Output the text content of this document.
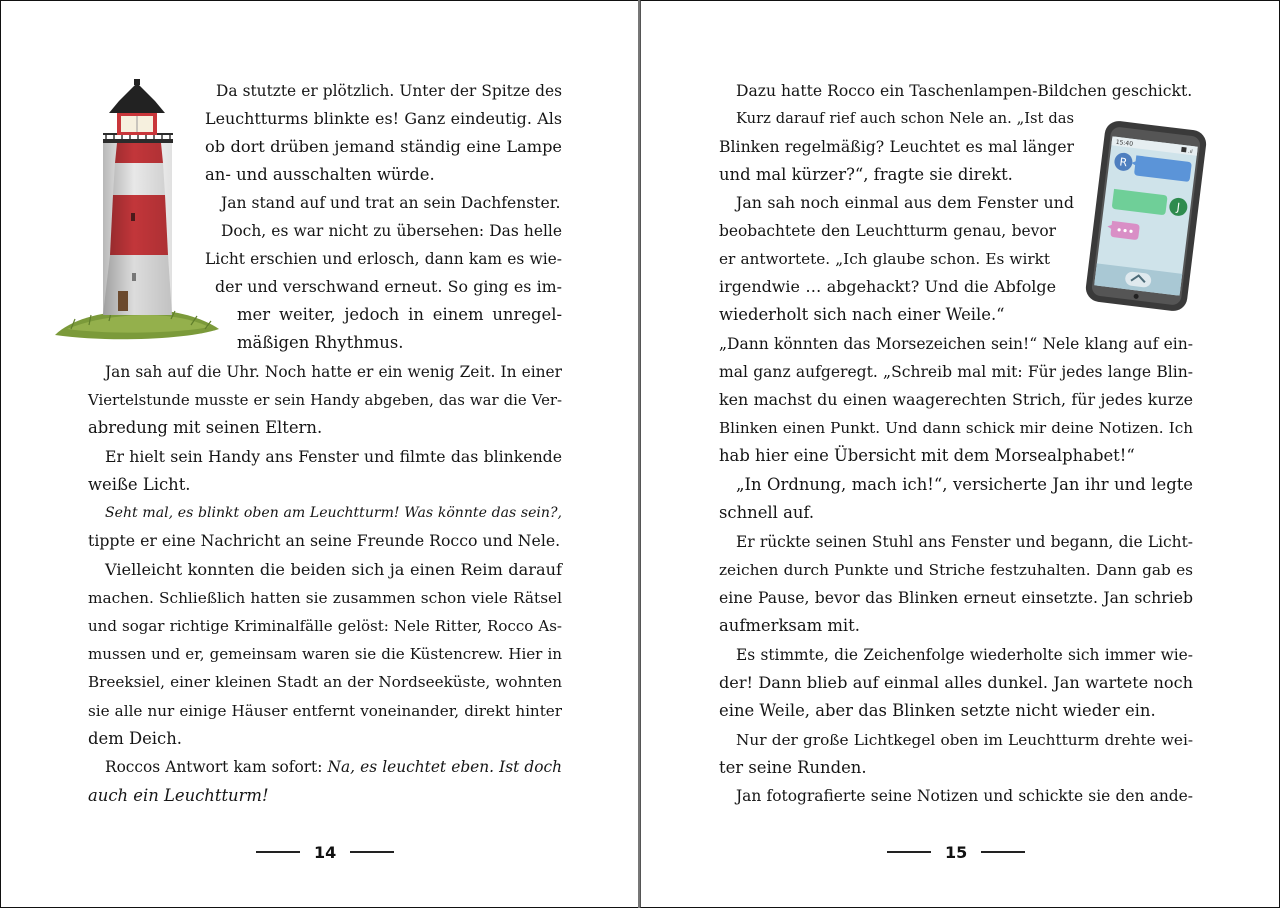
Da stutzte er plötzlich. Unter der Spitze des
Leuchtturms blinkte es! Ganz eindeutig. Als
ob dort drüben jemand ständig eine Lampe
an- und ausschalten würde.
Jan stand auf und trat an sein Dachfenster.
Doch, es war nicht zu übersehen: Das helle
Licht erschien und erlosch, dann kam es wie-
der und verschwand erneut. So ging es im-
mer weiter, jedoch in einem unregel-
mäßigen Rhythmus.
Jan sah auf die Uhr. Noch hatte er ein wenig Zeit. In einer
Viertelstunde musste er sein Handy abgeben, das war die Ver-
abredung mit seinen Eltern.
Er hielt sein Handy ans Fenster und filmte das blinkende
weiße Licht.
Seht mal, es blinkt oben am Leuchtturm! Was könnte das sein?,
tippte er eine Nachricht an seine Freunde Rocco und Nele.
Vielleicht konnten die beiden sich ja einen Reim darauf
machen. Schließlich hatten sie zusammen schon viele Rätsel
und sogar richtige Kriminalfälle gelöst: Nele Ritter, Rocco As-
mussen und er, gemeinsam waren sie die Küstencrew. Hier in
Breeksiel, einer kleinen Stadt an der Nordseeküste, wohnten
sie alle nur einige Häuser entfernt voneinander, direkt hinter
dem Deich.
Roccos Antwort kam sofort: Na, es leuchtet eben. Ist doch
auch ein Leuchtturm!
14
15:40
.ıl
R
J
Dazu hatte Rocco ein Taschenlampen-Bildchen geschickt.
Kurz darauf rief auch schon Nele an. „Ist das
Blinken regelmäßig? Leuchtet es mal länger
und mal kürzer?“, fragte sie direkt.
Jan sah noch einmal aus dem Fenster und
beobachtete den Leuchtturm genau, bevor
er antwortete. „Ich glaube schon. Es wirkt
irgendwie … abgehackt? Und die Abfolge
wiederholt sich nach einer Weile.“
„Dann könnten das Morsezeichen sein!“ Nele klang auf ein-
mal ganz aufgeregt. „Schreib mal mit: Für jedes lange Blin-
ken machst du einen waagerechten Strich, für jedes kurze
Blinken einen Punkt. Und dann schick mir deine Notizen. Ich
hab hier eine Übersicht mit dem Morsealphabet!“
„In Ordnung, mach ich!“, versicherte Jan ihr und legte
schnell auf.
Er rückte seinen Stuhl ans Fenster und begann, die Licht-
zeichen durch Punkte und Striche festzuhalten. Dann gab es
eine Pause, bevor das Blinken erneut einsetzte. Jan schrieb
aufmerksam mit.
Es stimmte, die Zeichenfolge wiederholte sich immer wie-
der! Dann blieb auf einmal alles dunkel. Jan wartete noch
eine Weile, aber das Blinken setzte nicht wieder ein.
Nur der große Lichtkegel oben im Leuchtturm drehte wei-
ter seine Runden.
Jan fotografierte seine Notizen und schickte sie den ande-
15
